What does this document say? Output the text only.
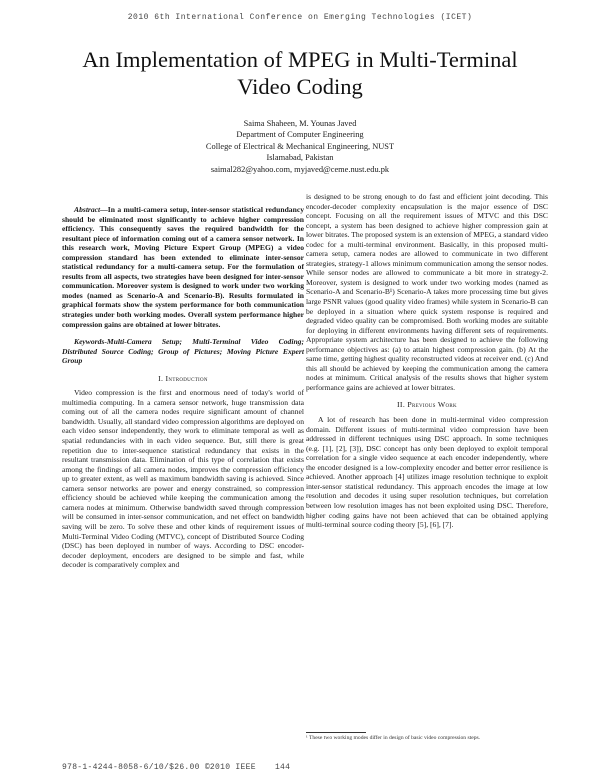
2010 6th International Conference on Emerging Technologies (ICET)
An Implementation of MPEG in Multi-Terminal
Video Coding
Saima Shaheen, M. Younas Javed
Department of Computer Engineering
College of Electrical & Mechanical Engineering, NUST
Islamabad, Pakistan
saimal282@yahoo.com, myjaved@ceme.nust.edu.pk

Abstract—In a multi-camera setup, inter-sensor statistical redundancy should be eliminated most significantly to achieve higher compression efficiency. This consequently saves the required bandwidth for the resultant piece of information coming out of a camera sensor network. In this research work, Moving Picture Expert Group (MPEG) a video compression standard has been extended to eliminate inter-sensor statistical redundancy for a multi-camera setup. For the formulation of results from all aspects, two strategies have been designed for inter-sensor communication. Moreover system is designed to work under two working modes (named as Scenario-A and Scenario-B). Results formulated in graphical formats show the system performance for both communication strategies under both working modes. Overall system performance higher compression gains are obtained at lower bitrates.

Keywords-Multi-Camera Setup; Multi-Terminal Video Coding; Distributed Source Coding; Group of Pictures; Moving Picture Expert Group

I. Introduction

Video compression is the first and enormous need of today's world of multimedia computing. In a camera sensor network, huge transmission data coming out of all the camera nodes require significant amount of channel bandwidth. Usually, all standard video compression algorithms are deployed on each video sensor independently, they work to eliminate temporal as well as spatial redundancies with in each video sequence. But, still there is great repetition due to inter-sequence statistical redundancy that exists in the resultant transmission data. Elimination of this type of correlation that exists among the findings of all camera nodes, improves the compression efficiency up to greater extent, as well as maximum bandwidth saving is achieved. Since camera sensor networks are power and energy constrained, so compression efficiency should be achieved while keeping the communication among the camera nodes at minimum. Otherwise bandwidth saved through compression will be consumed in inter-sensor communication, and net effect on bandwidth saving will be zero. To solve these and other kinds of requirement issues of Multi-Terminal Video Coding (MTVC), concept of Distributed Source Coding (DSC) has been deployed in number of ways. According to DSC encoder-decoder deployment, encoders are designed to be simple and fast, while decoder is comparatively complex and

is designed to be strong enough to do fast and efficient joint decoding. This encoder-decoder complexity encapsulation is the major essence of DSC concept. Focusing on all the requirement issues of MTVC and this DSC concept, a system has been designed to achieve higher compression gain at lower bitrates. The proposed system is an extension of MPEG, a standard video codec for a multi-terminal environment. Basically, in this proposed multi-camera setup, camera nodes are allowed to communicate in two different strategies, strategy-1 allows minimum communication among the sensor nodes. While sensor nodes are allowed to communicate a bit more in strategy-2. Moreover, system is designed to work under two working modes (named as Scenario-A and Scenario-B¹) Scenario-A takes more processing time but gives large PSNR values (good quality video frames) while system in Scenario-B can be deployed in a situation where quick system response is required and degraded video quality can be compromised. Both working modes are suitable for deploying in different environments having different sets of requirements. Appropriate system architecture has been designed to achieve the following performance objectives as: (a) to attain highest compression gain. (b) At the same time, getting highest quality reconstructed videos at receiver end. (c) And this all should be achieved by keeping the communication among the camera nodes at minimum. Critical analysis of the results shows that higher system performance gains are achieved at lower bitrates.

II. Previous Work

A lot of research has been done in multi-terminal video compression domain. Different issues of multi-terminal video compression have been addressed in different techniques using DSC approach. In some techniques (e.g. [1], [2], [3]), DSC concept has only been deployed to exploit temporal correlation for a single video sequence at each encoder independently, where the encoder designed is a low-complexity encoder and better error resilience is achieved. Another approach [4] utilizes image resolution technique to exploit inter-sensor statistical redundancy. This approach encodes the image at low resolution and decodes it using super resolution techniques, but correlation between low resolution images has not been exploited using DSC. Therefore, higher coding gains have not been achieved that can be obtained applying multi-terminal source coding theory [5], [6], [7].

¹ These two working modes differ in design of basic video compression steps.
978-1-4244-8058-6/10/$26.00 ©2010 IEEE 144
